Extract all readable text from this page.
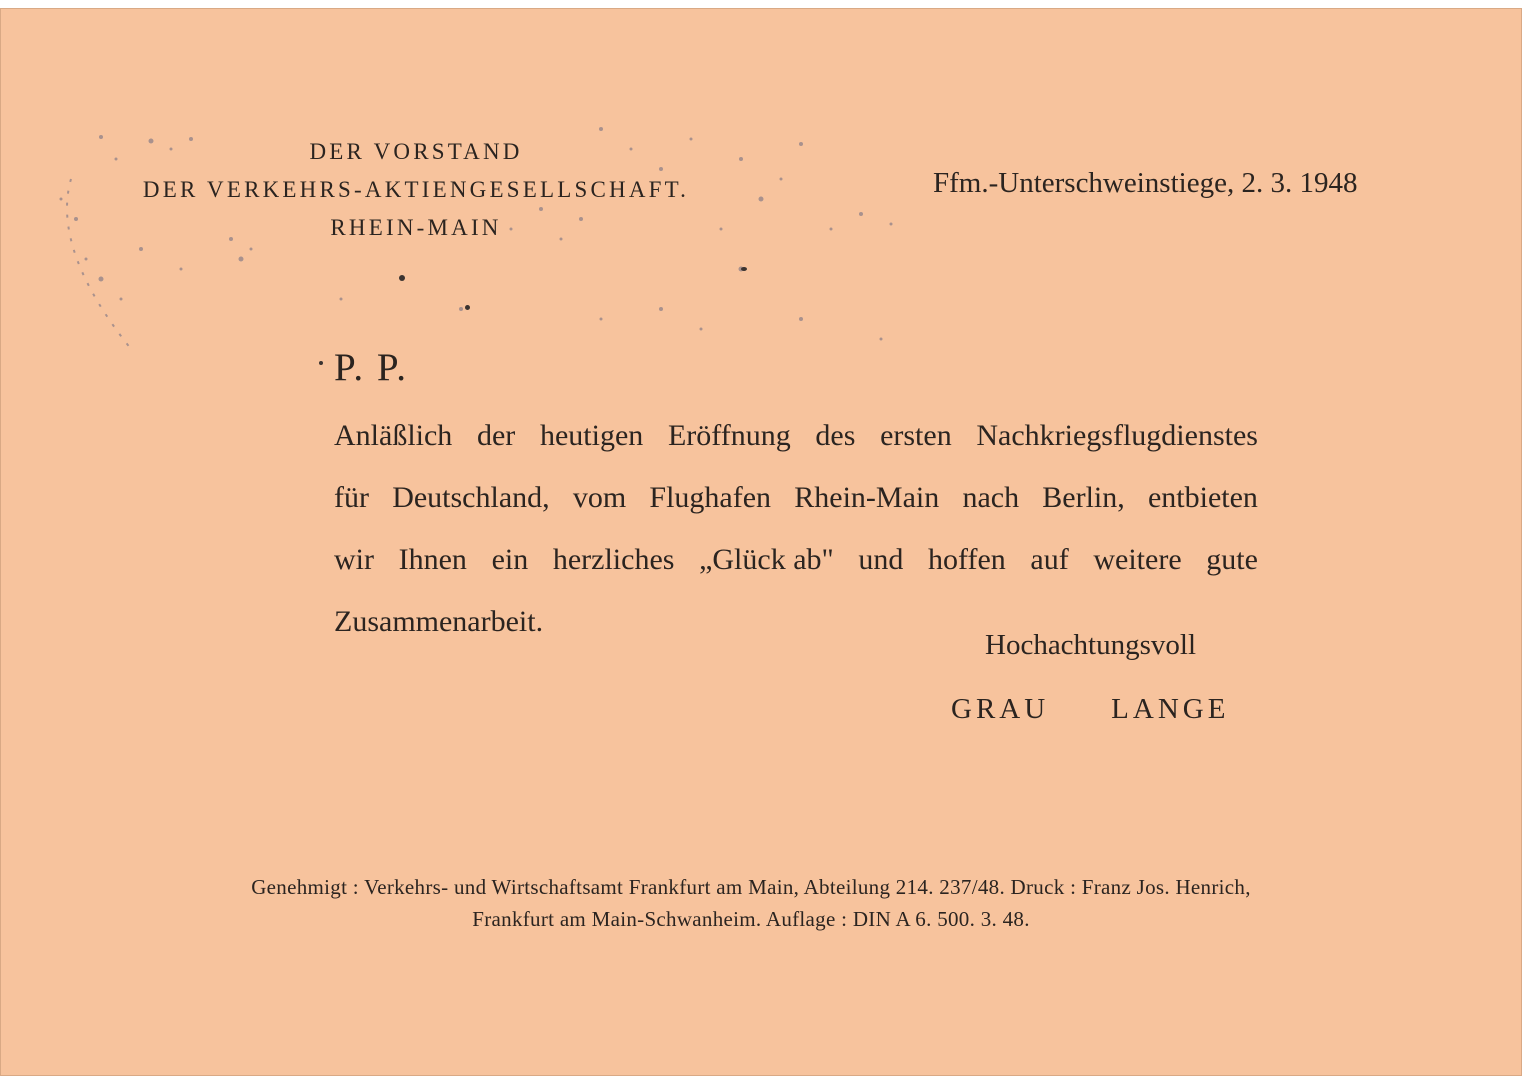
DER VORSTAND
DER VERKEHRS-AKTIENGESELLSCHAFT.
RHEIN-MAIN
Ffm.-Unterschweinstiege, 2. 3. 1948
P. P.
Anläßlich der heutigen Eröffnung des ersten Nachkriegsflugdienstes
für Deutschland, vom Flughafen Rhein-Main nach Berlin, entbieten
wir Ihnen ein herzliches „Glück ab" und hoffen auf weitere gute
Zusammenarbeit.
Hochachtungsvoll
GRAU LANGE
Genehmigt : Verkehrs- und Wirtschaftsamt Frankfurt am Main, Abteilung 214. 237/48. Druck : Franz Jos. Henrich,
Frankfurt am Main-Schwanheim. Auflage : DIN A 6. 500. 3. 48.
